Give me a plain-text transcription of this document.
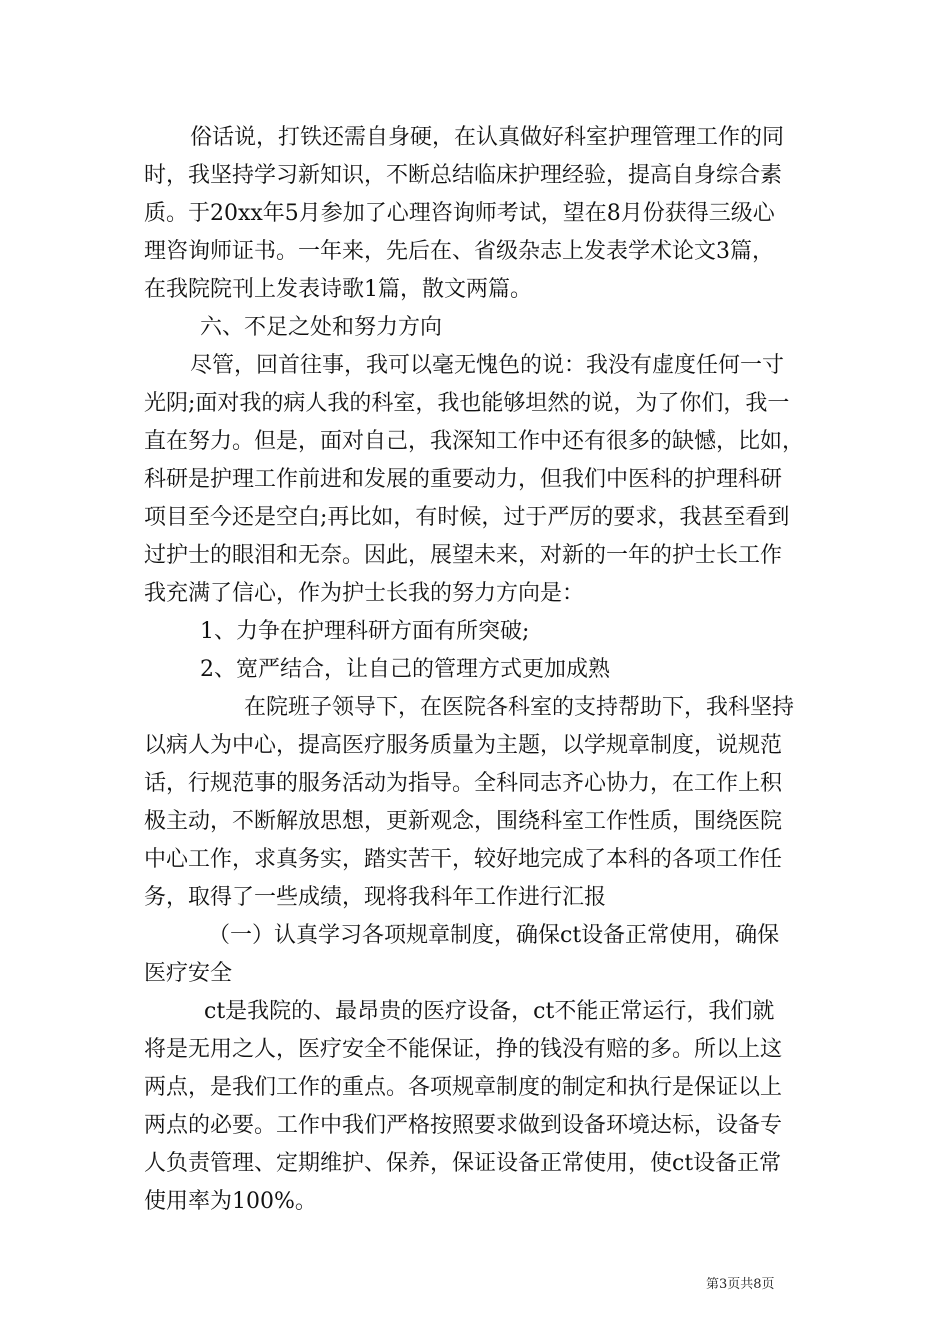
俗话说，打铁还需自身硬，在认真做好科室护理管理工作的同

时，我坚持学习新知识，不断总结临床护理经验，提高自身综合素

质。于20xx年5月参加了心理咨询师考试，望在8月份获得三级心

理咨询师证书。一年来，先后在、省级杂志上发表学术论文3篇，

在我院院刊上发表诗歌1篇，散文两篇。

六、不足之处和努力方向

尽管，回首往事，我可以毫无愧色的说：我没有虚度任何一寸

光阴;面对我的病人我的科室，我也能够坦然的说，为了你们，我一

直在努力。但是，面对自己，我深知工作中还有很多的缺憾，比如，

科研是护理工作前进和发展的重要动力，但我们中医科的护理科研

项目至今还是空白;再比如，有时候，过于严厉的要求，我甚至看到

过护士的眼泪和无奈。因此，展望未来，对新的一年的护士长工作

我充满了信心，作为护士长我的努力方向是：

1、力争在护理科研方面有所突破;

2、宽严结合，让自己的管理方式更加成熟

在院班子领导下，在医院各科室的支持帮助下，我科坚持

以病人为中心，提高医疗服务质量为主题，以学规章制度，说规范

话，行规范事的服务活动为指导。全科同志齐心协力，在工作上积

极主动，不断解放思想，更新观念，围绕科室工作性质，围绕医院

中心工作，求真务实，踏实苦干，较好地完成了本科的各项工作任

务，取得了一些成绩，现将我科年工作进行汇报

（一）认真学习各项规章制度，确保ct设备正常使用，确保

医疗安全

ct是我院的、最昂贵的医疗设备，ct不能正常运行，我们就

将是无用之人，医疗安全不能保证，挣的钱没有赔的多。所以上这

两点，是我们工作的重点。各项规章制度的制定和执行是保证以上

两点的必要。工作中我们严格按照要求做到设备环境达标，设备专

人负责管理、定期维护、保养，保证设备正常使用，使ct设备正常

使用率为100%。

第3页共8页
